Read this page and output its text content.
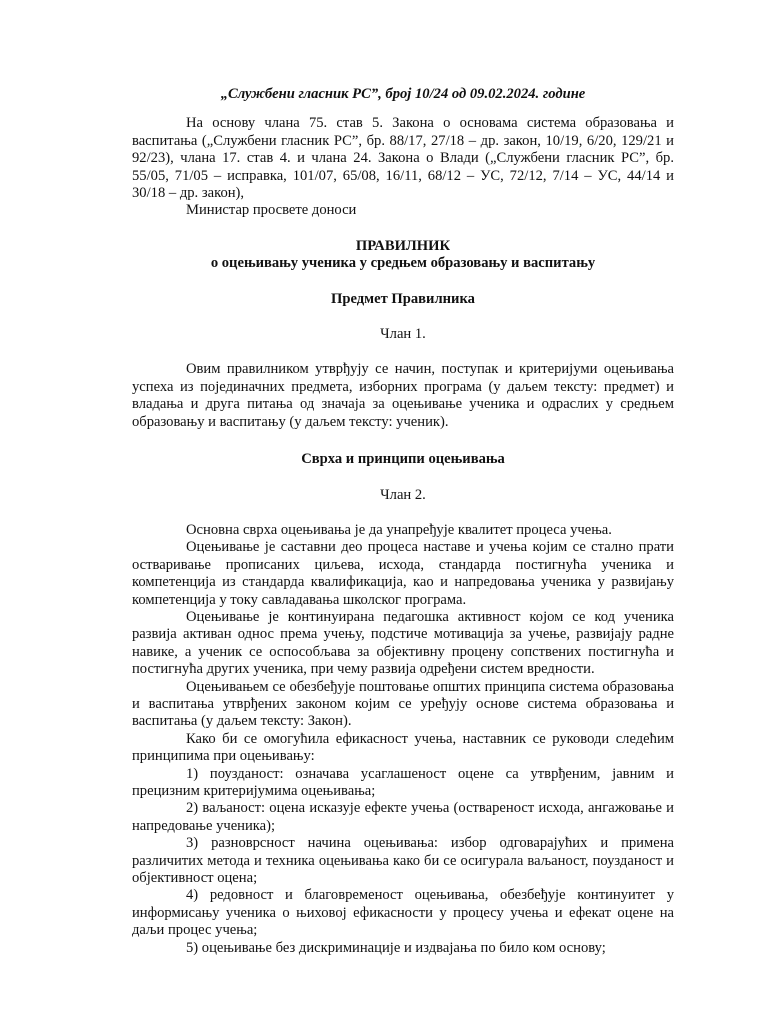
„Службени гласник РС”, број 10/24 од 09.02.2024. године

На основу члана 75. став 5. Закона о основама система образовања и васпитања („Службени гласник РС”, бр. 88/17, 27/18 – др. закон, 10/19, 6/20, 129/21 и 92/23), члана 17. став 4. и члана 24. Закона о Влади („Службени гласник РС”, бр. 55/05, 71/05 – исправка, 101/07, 65/08, 16/11, 68/12 – УС, 72/12, 7/14 – УС, 44/14 и 30/18 – др. закон),

Министар просвете доноси

ПРАВИЛНИК

о оцењивању ученика у средњем образовању и васпитању

Предмет Правилника

Члан 1.

Овим правилником утврђују се начин, поступак и критеријуми оцењивања успеха из појединачних предмета, изборних програма (у даљем тексту: предмет) и владања и друга питања од значаја за оцењивање ученика и одраслих у средњем образовању и васпитању (у даљем тексту: ученик).

Сврха и принципи оцењивања

Члан 2.

Основна сврха оцењивања је да унапређује квалитет процеса учења.

Оцењивање је саставни део процеса наставе и учења којим се стално прати остваривање прописаних циљева, исхода, стандарда постигнућа ученика и компетенција из стандарда квалификација, као и напредовања ученика у развијању компетенција у току савладавања школског програма.

Оцењивање је континуирана педагошка активност којом се код ученика развија активан однос према учењу, подстиче мотивација за учење, развијају радне навике, а ученик се оспособљава за објективну процену сопствених постигнућа и постигнућа других ученика, при чему развија одређени систем вредности.

Оцењивањем се обезбеђује поштовање општих принципа система образовања и васпитања утврђених законом којим се уређују основе система образовања и васпитања (у даљем тексту: Закон).

Како би се омогућила ефикасност учења, наставник се руководи следећим принципима при оцењивању:

1) поузданост: означава усаглашеност оцене са утврђеним, јавним и прецизним критеријумима оцењивања;

2) ваљаност: оцена исказује ефекте учења (оствареност исхода, ангажовање и напредовање ученика);

3) разноврсност начина оцењивања: избор одговарајућих и примена различитих метода и техника оцењивања како би се осигурала ваљаност, поузданост и објективност оцена;

4) редовност и благовременост оцењивања, обезбеђује континуитет у информисању ученика о њиховој ефикасности у процесу учења и ефекат оцене на даљи процес учења;

5) оцењивање без дискриминације и издвајања по било ком основу;
